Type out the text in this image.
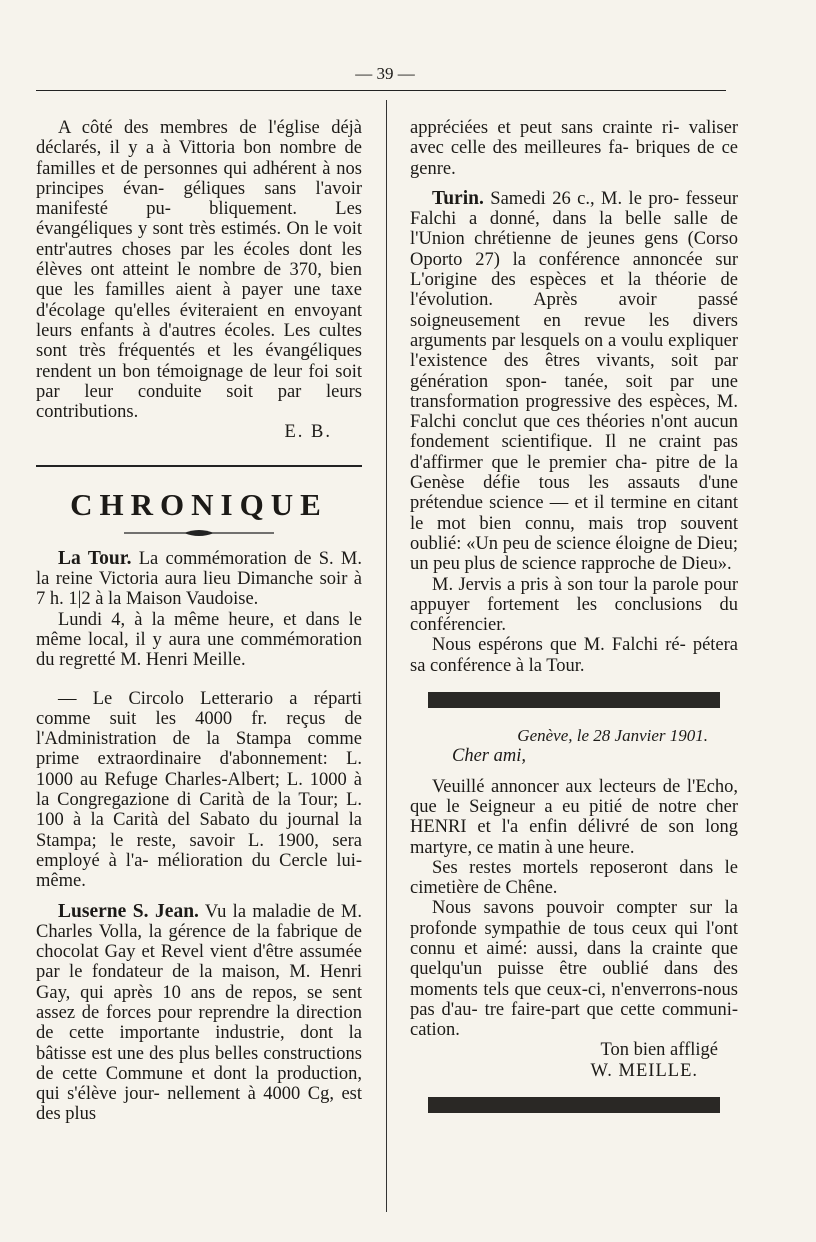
— 39 —
A côté des membres de l'église déjà déclarés, il y a à Vittoria bon nombre de familles et de personnes qui adhérent à nos principes évan- géliques sans l'avoir manifesté pu- bliquement. Les évangéliques y sont très estimés. On le voit entr'autres choses par les écoles dont les élèves ont atteint le nombre de 370, bien que les familles aient à payer une taxe d'écolage qu'elles éviteraient en envoyant leurs enfants à d'autres écoles. Les cultes sont très fréquentés et les évangéliques rendent un bon témoignage de leur foi soit par leur conduite soit par leurs contributions.

E. B.

CHRONIQUE
La Tour. La commémoration de S. M. la reine Victoria aura lieu Dimanche soir à 7 h. 1|2 à la Maison Vaudoise.
Lundi 4, à la même heure, et dans le même local, il y aura une commémoration du regretté M. Henri Meille.
— Le Circolo Letterario a réparti comme suit les 4000 fr. reçus de l'Administration de la Stampa comme prime extraordinaire d'abonnement: L. 1000 au Refuge Charles-Albert; L. 1000 à la Congregazione di Carità de la Tour; L. 100 à la Carità del Sabato du journal la Stampa; le reste, savoir L. 1900, sera employé à l'a- mélioration du Cercle lui-même.
Luserne S. Jean. Vu la maladie de M. Charles Volla, la gérence de la fabrique de chocolat Gay et Revel vient d'être assumée par le fondateur de la maison, M. Henri Gay, qui après 10 ans de repos, se sent assez de forces pour reprendre la direction de cette importante industrie, dont la bâtisse est une des plus belles constructions de cette Commune et dont la production, qui s'élève jour- nellement à 4000 Cg, est des plus
appréciées et peut sans crainte ri- valiser avec celle des meilleures fa- briques de ce genre.
Turin. Samedi 26 c., M. le pro- fesseur Falchi a donné, dans la belle salle de l'Union chrétienne de jeunes gens (Corso Oporto 27) la conférence annoncée sur L'origine des espèces et la théorie de l'évolution. Après avoir passé soigneusement en revue les divers arguments par lesquels on a voulu expliquer l'existence des êtres vivants, soit par génération spon- tanée, soit par une transformation progressive des espèces, M. Falchi conclut que ces théories n'ont aucun fondement scientifique. Il ne craint pas d'affirmer que le premier cha- pitre de la Genèse défie tous les assauts d'une prétendue science — et il termine en citant le mot bien connu, mais trop souvent oublié: «Un peu de science éloigne de Dieu; un peu plus de science rapproche de Dieu».
M. Jervis a pris à son tour la parole pour appuyer fortement les conclusions du conférencier.
Nous espérons que M. Falchi ré- pétera sa conférence à la Tour.
Genève, le 28 Janvier 1901.
Cher ami,
Veuillé annoncer aux lecteurs de l'Echo, que le Seigneur a eu pitié de notre cher HENRI et l'a enfin délivré de son long martyre, ce matin à une heure.
Ses restes mortels reposeront dans le cimetière de Chêne.
Nous savons pouvoir compter sur la profonde sympathie de tous ceux qui l'ont connu et aimé: aussi, dans la crainte que quelqu'un puisse être oublié dans des moments tels que ceux-ci, n'enverrons-nous pas d'au- tre faire-part que cette communi- cation.

Ton bien affligé

W. MEILLE.
